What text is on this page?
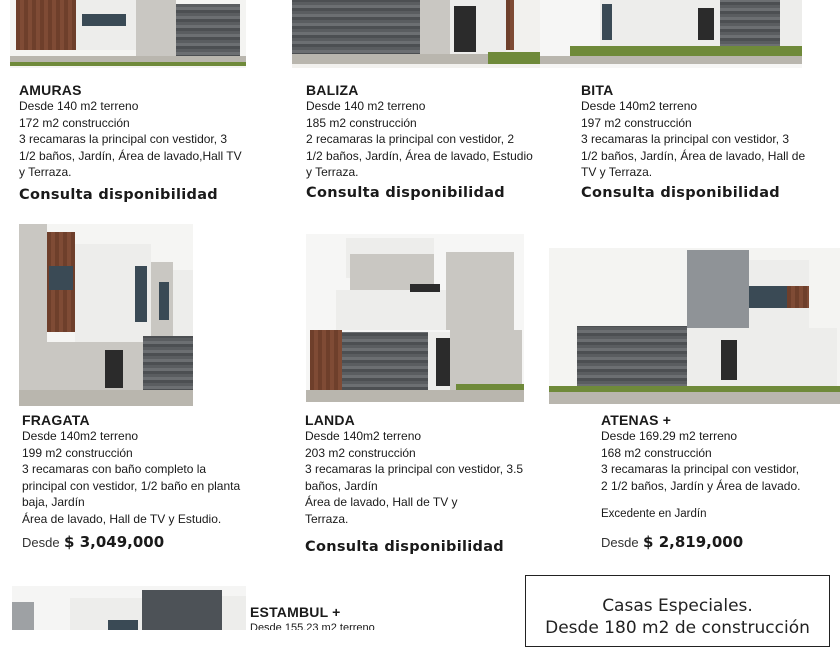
AMURAS
Desde 140 m2 terreno
172 m2 construcción
3 recamaras la principal con vestidor, 3
1/2 baños, Jardín, Área de lavado,Hall TV
y Terraza.
Consulta disponibilidad
BALIZA
Desde 140 m2 terreno
185 m2 construcción
2 recamaras la principal con vestidor, 2
1/2 baños, Jardín, Área de lavado, Estudio
y Terraza.
Consulta disponibilidad
BITA
Desde 140m2 terreno
197 m2 construcción
3 recamaras la principal con vestidor, 3
1/2 baños, Jardín, Área de lavado, Hall de
TV y Terraza.
Consulta disponibilidad
FRAGATA
Desde 140m2 terreno
199 m2 construcción
3 recamaras con baño completo la
principal con vestidor, 1/2 baño en planta
baja, Jardín
Área de lavado, Hall de TV y Estudio.
Desde $ 3,049,000
LANDA
Desde 140m2 terreno
203 m2 construcción
3 recamaras la principal con vestidor, 3.5
baños, Jardín
Área de lavado, Hall de TV y
Terraza.
Consulta disponibilidad
ATENAS +
Desde 169.29 m2 terreno
168 m2 construcción
3 recamaras la principal con vestidor,
2 1/2 baños, Jardín y Área de lavado.
Excedente en Jardín
Desde $ 2,819,000
ESTAMBUL +
Desde 155.23 m2 terreno
Casas Especiales.
Desde 180 m2 de construcción
